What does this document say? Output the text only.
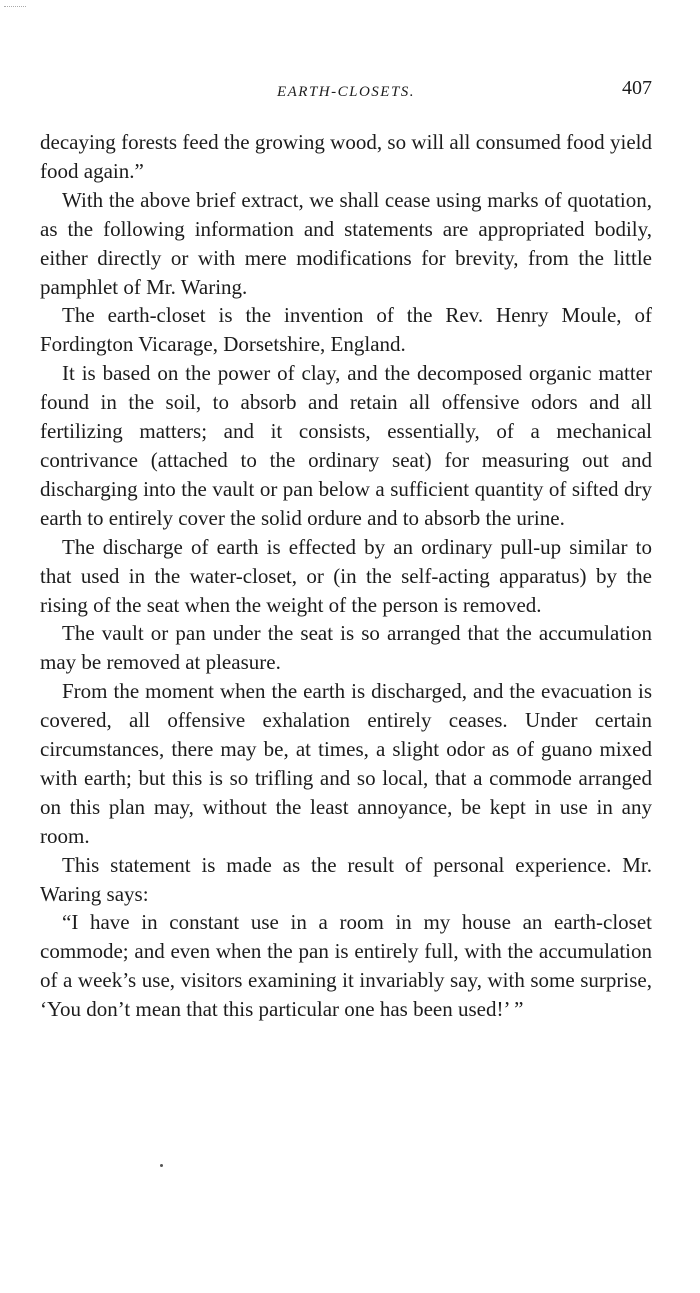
EARTH-CLOSETS.	407

decaying forests feed the growing wood, so will all consumed food yield food again.”

With the above brief extract, we shall cease using marks of quotation, as the following information and statements are appropriated bodily, either directly or with mere modifications for brevity, from the little pamphlet of Mr. Waring.

The earth-closet is the invention of the Rev. Henry Moule, of Fordington Vicarage, Dorsetshire, England.

It is based on the power of clay, and the decomposed organic matter found in the soil, to absorb and retain all offensive odors and all fertilizing matters; and it consists, essentially, of a mechanical contrivance (attached to the ordinary seat) for measuring out and discharging into the vault or pan below a sufficient quantity of sifted dry earth to entirely cover the solid ordure and to absorb the urine.

The discharge of earth is effected by an ordinary pull-up similar to that used in the water-closet, or (in the self-acting apparatus) by the rising of the seat when the weight of the person is removed.

The vault or pan under the seat is so arranged that the accumulation may be removed at pleasure.

From the moment when the earth is discharged, and the evacuation is covered, all offensive exhalation entirely ceases. Under certain circumstances, there may be, at times, a slight odor as of guano mixed with earth; but this is so trifling and so local, that a commode arranged on this plan may, without the least annoyance, be kept in use in any room.

This statement is made as the result of personal experience. Mr. Waring says:

“I have in constant use in a room in my house an earth-closet commode; and even when the pan is entirely full, with the accumulation of a week’s use, visitors examining it invariably say, with some surprise, ‘You don’t mean that this particular one has been used!’ ”
